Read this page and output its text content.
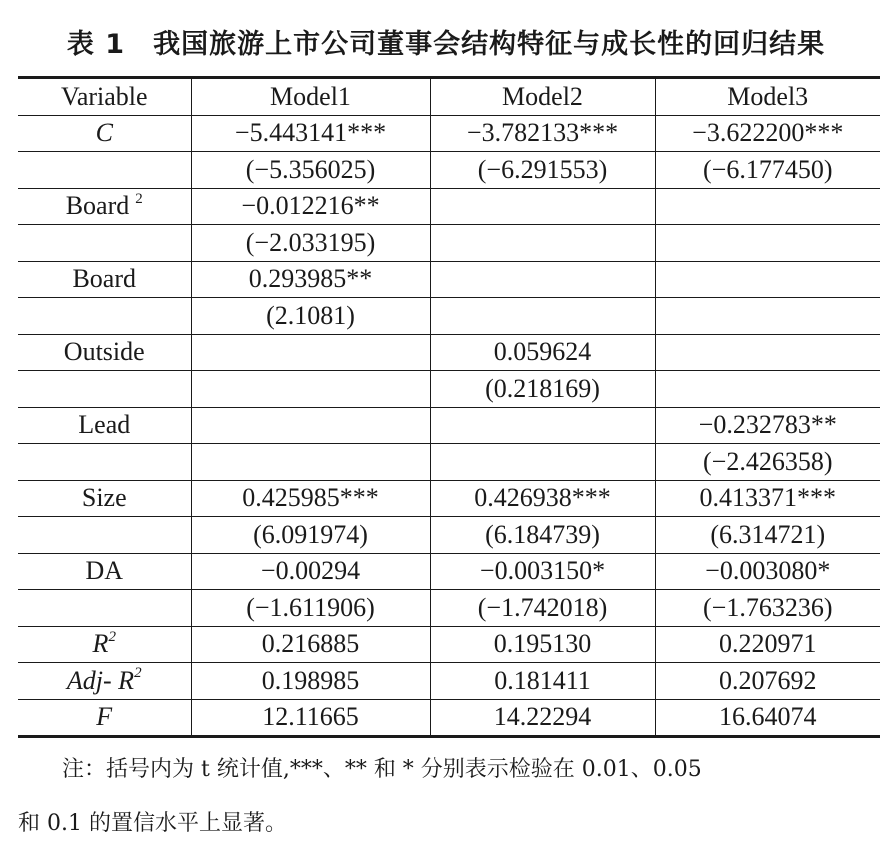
表 1　我国旅游上市公司董事会结构特征与成长性的回归结果
Variable	Model1	Model2	Model3
C	−5.443141***	−3.782133***	−3.622200***
	(−5.356025)	(−6.291553)	(−6.177450)
Board $^2$	−0.012216**		
	(−2.033195)		
Board	0.293985**		
	(2.1081)		
Outside		0.059624	
		(0.218169)	
Lead			−0.232783**
			(−2.426358)
Size	0.425985***	0.426938***	0.413371***
	(6.091974)	(6.184739)	(6.314721)
DA	−0.00294	−0.003150*	−0.003080*
	(−1.611906)	(−1.742018)	(−1.763236)
$R^2$	0.216885	0.195130	0.220971
Adj- $R^2$	0.198985	0.181411	0.207692
F	12.11665	14.22294	16.64074
注：括号内为 t 统计值,***、** 和 * 分别表示检验在 0.01、0.05
和 0.1 的置信水平上显著。
